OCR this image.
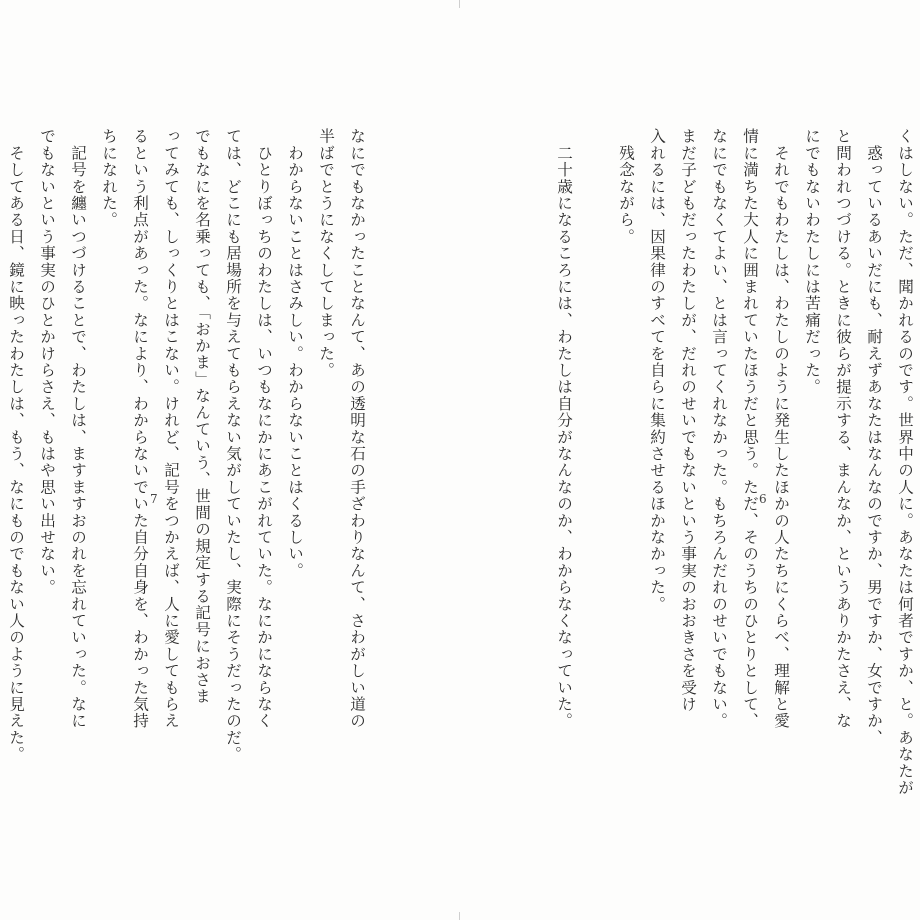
くはしない。ただ、聞かれるのです。世界中の人に。あなたは何者ですか、と。あなたが
　惑っているあいだにも、耐えずあなたはなんなのですか、男ですか、女ですか、
と問われつづける。ときに彼らが提示する、まんなか、というありかたさえ、な
にでもないわたしには苦痛だった。
　それでもわたしは、わたしのように発生したほかの人たちにくらべ、理解と愛
情に満ちた大人に囲まれていたほうだと思う。ただ、そのうちのひとりとして、
なにでもなくてよい、とは言ってくれなかった。もちろんだれのせいでもない。
まだ子どもだったわたしが、だれのせいでもないという事実のおおきさを受け
入れるには、因果律のすべてを自らに集約させるほかなかった。
　残念ながら。
　二十歳になるころには、わたしは自分がなんなのか、わからなくなっていた。	6
なにでもなかったことなんて、あの透明な石の手ざわりなんて、さわがしい道の
半ばでとうになくしてしまった。
　わからないことはさみしい。わからないことはくるしい。
　ひとりぼっちのわたしは、いつもなにかにあこがれていた。なにかにならなく
ては、どこにも居場所を与えてもらえない気がしていたし、実際にそうだったのだ。
でもなにを名乗っても、「おかま」なんていう、世間の規定する記号におさま
ってみても、しっくりとはこない。けれど、記号をつかえば、人に愛してもらえ
るという利点があった。なにより、わからないでいた自分自身を、わかった気持
ちになれた。
　記号を纏いつづけることで、わたしは、ますますおのれを忘れていった。なに
でもないという事実のひとかけらさえ、もはや思い出せない。
　そしてある日、鏡に映ったわたしは、もう、なにものでもない人のように見えた。	7
